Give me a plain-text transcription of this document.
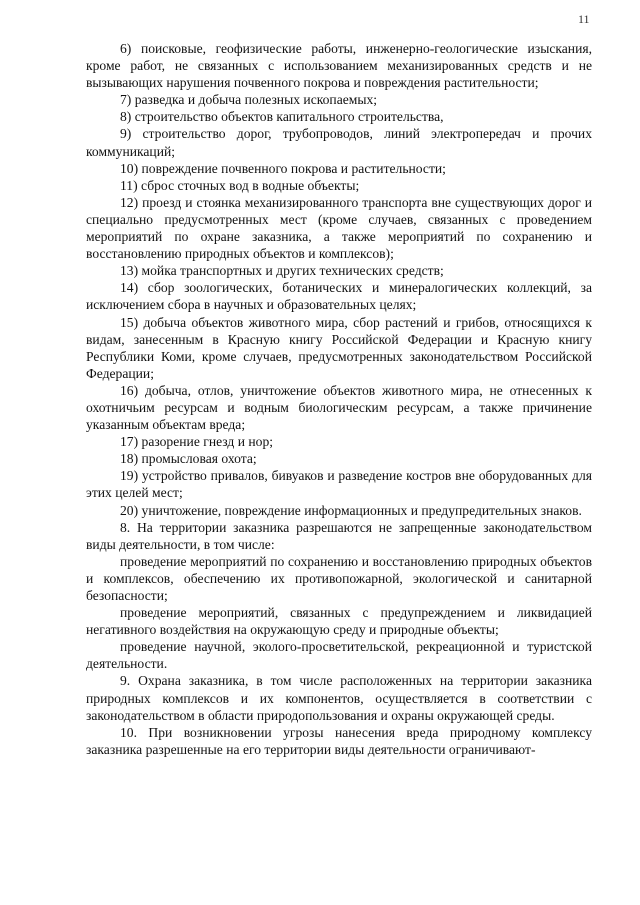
11

6) поисковые, геофизические работы, инженерно-геологические изыскания, кроме работ, не связанных с использованием механизированных средств и не вызывающих нарушения почвенного покрова и повреждения растительности;

7) разведка и добыча полезных ископаемых;

8) строительство объектов капитального строительства,

9) строительство дорог, трубопроводов, линий электропередач и прочих коммуникаций;

10) повреждение почвенного покрова и растительности;

11) сброс сточных вод в водные объекты;

12) проезд и стоянка механизированного транспорта вне существующих дорог и специально предусмотренных мест (кроме случаев, связанных с проведением мероприятий по охране заказника, а также мероприятий по сохранению и восстановлению природных объектов и комплексов);

13) мойка транспортных и других технических средств;

14) сбор зоологических, ботанических и минералогических коллекций, за исключением сбора в научных и образовательных целях;

15) добыча объектов животного мира, сбор растений и грибов, относящихся к видам, занесенным в Красную книгу Российской Федерации и Красную книгу Республики Коми, кроме случаев, предусмотренных законодательством Российской Федерации;

16) добыча, отлов, уничтожение объектов животного мира, не отнесенных к охотничьим ресурсам и водным биологическим ресурсам, а также причинение указанным объектам вреда;

17) разорение гнезд и нор;

18) промысловая охота;

19) устройство привалов, бивуаков и разведение костров вне оборудованных для этих целей мест;

20) уничтожение, повреждение информационных и предупредительных знаков.

8. На территории заказника разрешаются не запрещенные законодательством виды деятельности, в том числе:

проведение мероприятий по сохранению и восстановлению природных объектов и комплексов, обеспечению их противопожарной, экологической и санитарной безопасности;

проведение мероприятий, связанных с предупреждением и ликвидацией негативного воздействия на окружающую среду и природные объекты;

проведение научной, эколого-просветительской, рекреационной и туристской деятельности.

9. Охрана заказника, в том числе расположенных на территории заказника природных комплексов и их компонентов, осуществляется в соответствии с законодательством в области природопользования и охраны окружающей среды.

10. При возникновении угрозы нанесения вреда природному комплексу заказника разрешенные на его территории виды деятельности ограничивают-
